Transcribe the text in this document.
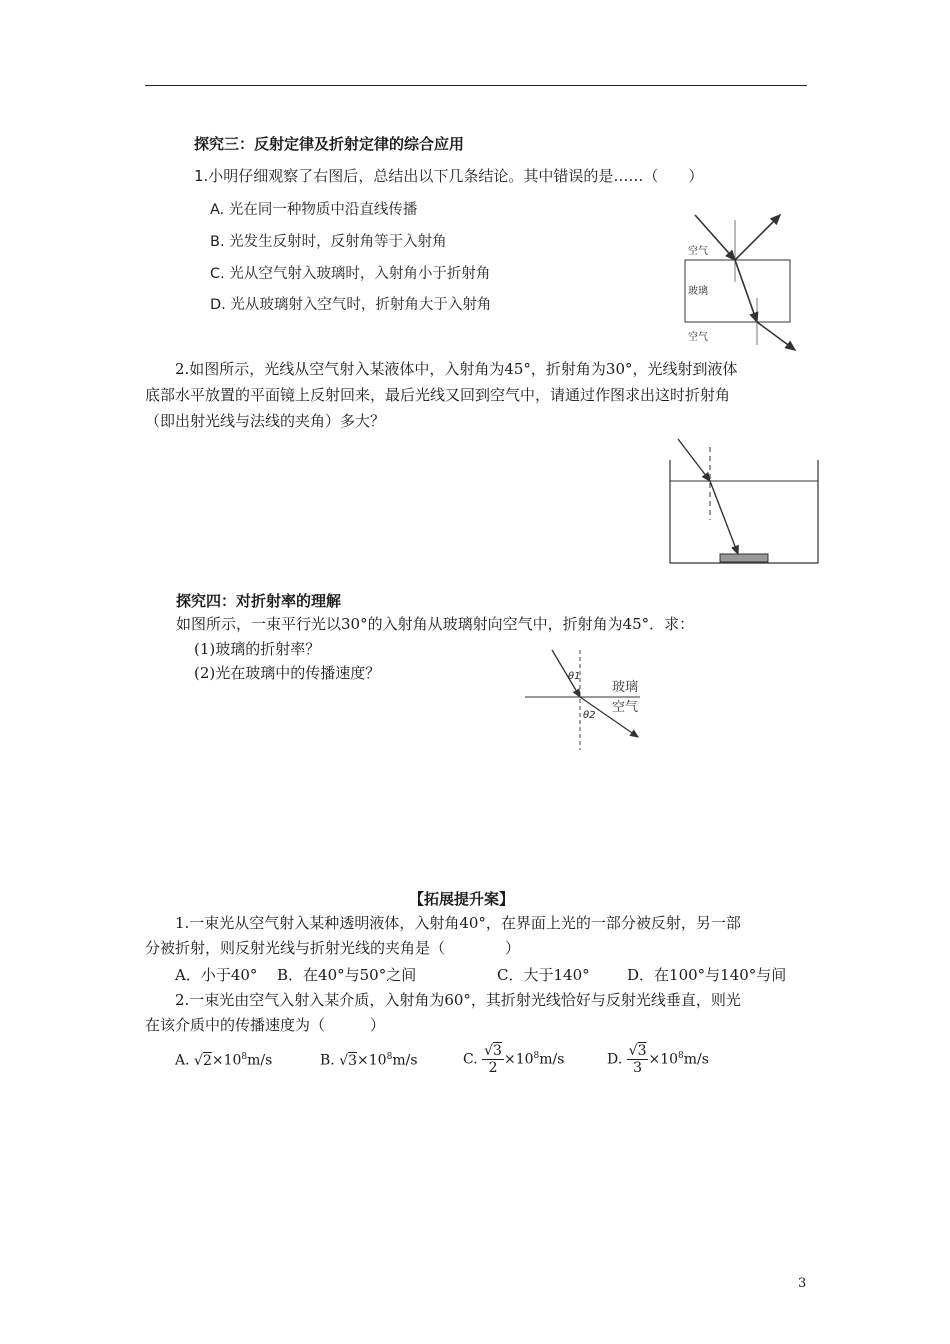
探究三：反射定律及折射定律的综合应用
1.小明仔细观察了右图后，总结出以下几条结论。其中错误的是……（　　）
A. 光在同一种物质中沿直线传播
B. 光发生反射时，反射角等于入射角
C. 光从空气射入玻璃时，入射角小于折射角
D. 光从玻璃射入空气时，折射角大于入射角
空气
玻璃
空气
2.如图所示，光线从空气射入某液体中，入射角为45°，折射角为30°，光线射到液体
底部水平放置的平面镜上反射回来，最后光线又回到空气中，请通过作图求出这时折射角
（即出射光线与法线的夹角）多大？
探究四：对折射率的理解
如图所示，一束平行光以30°的入射角从玻璃射向空气中，折射角为45°．求：
(1)玻璃的折射率？
(2)光在玻璃中的传播速度？	θ1
θ2
玻璃
空气
【拓展提升案】
1.一束光从空气射入某种透明液体，入射角40°，在界面上光的一部分被反射，另一部
分被折射，则反射光线与折射光线的夹角是（　　　　）
A．小于40° B．在40°与50°之间	C．大于140° D．在100°与140°与间
2.一束光由空气入射入某介质，入射角为60°，其折射光线恰好与反射光线垂直，则光
在该介质中的传播速度为（　　　）
A. $√2\times 10^8m/s$	B. $√3\times 10^8m/s$	C. $\frac{√3}{2} \times 10^8m/s$	D. $\frac{√3}{3} \times 10^8m/s$
3
